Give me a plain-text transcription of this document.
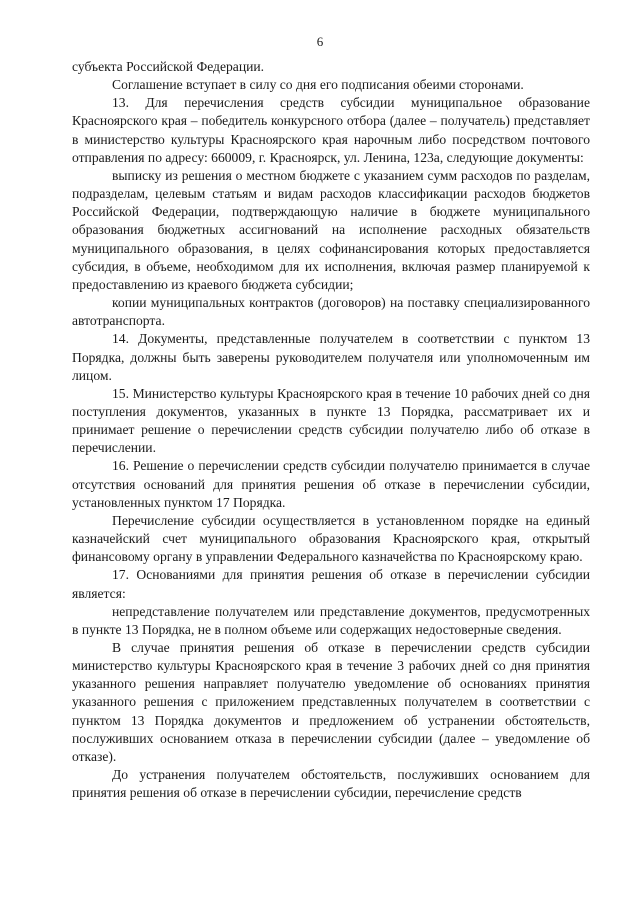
6

субъекта Российской Федерации.

Соглашение вступает в силу со дня его подписания обеими сторонами.

13. Для перечисления средств субсидии муниципальное образование Красноярского края – победитель конкурсного отбора (далее – получатель) представляет в министерство культуры Красноярского края нарочным либо посредством почтового отправления по адресу: 660009, г. Красноярск, ул. Ленина, 123а, следующие документы:

выписку из решения о местном бюджете с указанием сумм расходов по разделам, подразделам, целевым статьям и видам расходов классификации расходов бюджетов Российской Федерации, подтверждающую наличие в бюджете муниципального образования бюджетных ассигнований на исполнение расходных обязательств муниципального образования, в целях софинансирования которых предоставляется субсидия, в объеме, необходимом для их исполнения, включая размер планируемой к предоставлению из краевого бюджета субсидии;

копии муниципальных контрактов (договоров) на поставку специализированного автотранспорта.

14. Документы, представленные получателем в соответствии с пунктом 13 Порядка, должны быть заверены руководителем получателя или уполномоченным им лицом.

15. Министерство культуры Красноярского края в течение 10 рабочих дней со дня поступления документов, указанных в пункте 13 Порядка, рассматривает их и принимает решение о перечислении средств субсидии получателю либо об отказе в перечислении.

16. Решение о перечислении средств субсидии получателю принимается в случае отсутствия оснований для принятия решения об отказе в перечислении субсидии, установленных пунктом 17 Порядка.

Перечисление субсидии осуществляется в установленном порядке на единый казначейский счет муниципального образования Красноярского края, открытый финансовому органу в управлении Федерального казначейства по Красноярскому краю.

17. Основаниями для принятия решения об отказе в перечислении субсидии является:

непредставление получателем или представление документов, предусмотренных в пункте 13 Порядка, не в полном объеме или содержащих недостоверные сведения.

В случае принятия решения об отказе в перечислении средств субсидии министерство культуры Красноярского края в течение 3 рабочих дней со дня принятия указанного решения направляет получателю уведомление об основаниях принятия указанного решения с приложением представленных получателем в соответствии с пунктом 13 Порядка документов и предложением об устранении обстоятельств, послуживших основанием отказа в перечислении субсидии (далее – уведомление об отказе).

До устранения получателем обстоятельств, послуживших основанием для принятия решения об отказе в перечислении субсидии, перечисление средств
